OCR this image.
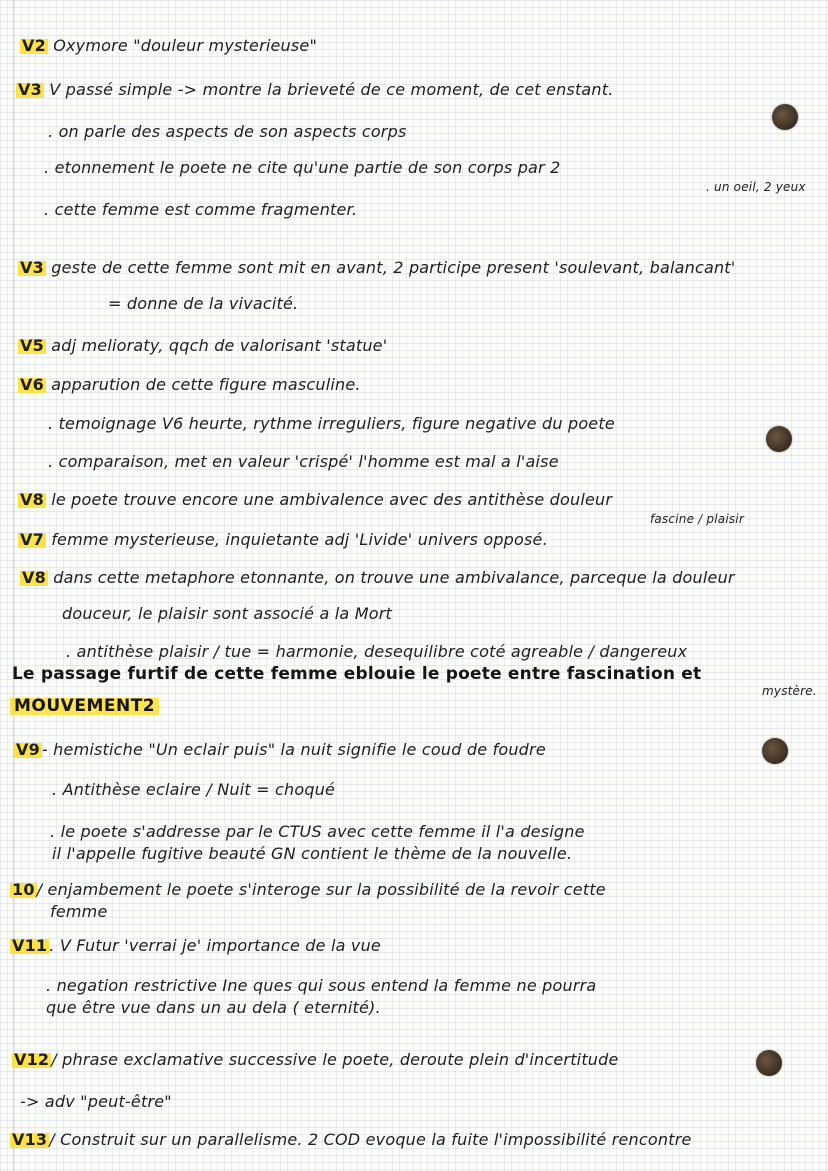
V2 Oxymore "douleur mysterieuse"
V3 V passé simple -> montre la brieveté de ce moment, de cet enstant.
. on parle des aspects de son aspects corps
. etonnement le poete ne cite qu'une partie de son corps par 2
. un oeil, 2 yeux
. cette femme est comme fragmenter.
V3 geste de cette femme sont mit en avant, 2 participe present 'soulevant, balancant'
= donne de la vivacité.
V5 adj melioraty, qqch de valorisant 'statue'
V6 apparution de cette figure masculine.
. temoignage V6 heurte, rythme irreguliers, figure negative du poete
. comparaison, met en valeur 'crispé' l'homme est mal a l'aise
V8 le poete trouve encore une ambivalence avec des antithèse douleur
fascine / plaisir
V7 femme mysterieuse, inquietante adj 'Livide' univers opposé.
V8 dans cette metaphore etonnante, on trouve une ambivalance, parceque la douleur
douceur, le plaisir sont associé a la Mort
. antithèse plaisir / tue = harmonie, desequilibre coté agreable / dangereux
Le passage furtif de cette femme eblouie le poete entre fascination et
mystère.
MOUVEMENT2
V9 - hemistiche "Un eclair puis" la nuit signifie le coud de foudre
. Antithèse eclaire / Nuit = choqué
. le poete s'addresse par le CTUS avec cette femme il l'a designe
il l'appelle fugitive beauté GN contient le thème de la nouvelle.
10 / enjambement le poete s'interoge sur la possibilité de la revoir cette
femme
V11 . V Futur 'verrai je' importance de la vue
. negation restrictive Ine ques qui sous entend la femme ne pourra
que être vue dans un au dela ( eternité).
V12 / phrase exclamative successive le poete, deroute plein d'incertitude
-> adv "peut-être"
V13 / Construit sur un parallelisme. 2 COD evoque la fuite l'impossibilité rencontre
